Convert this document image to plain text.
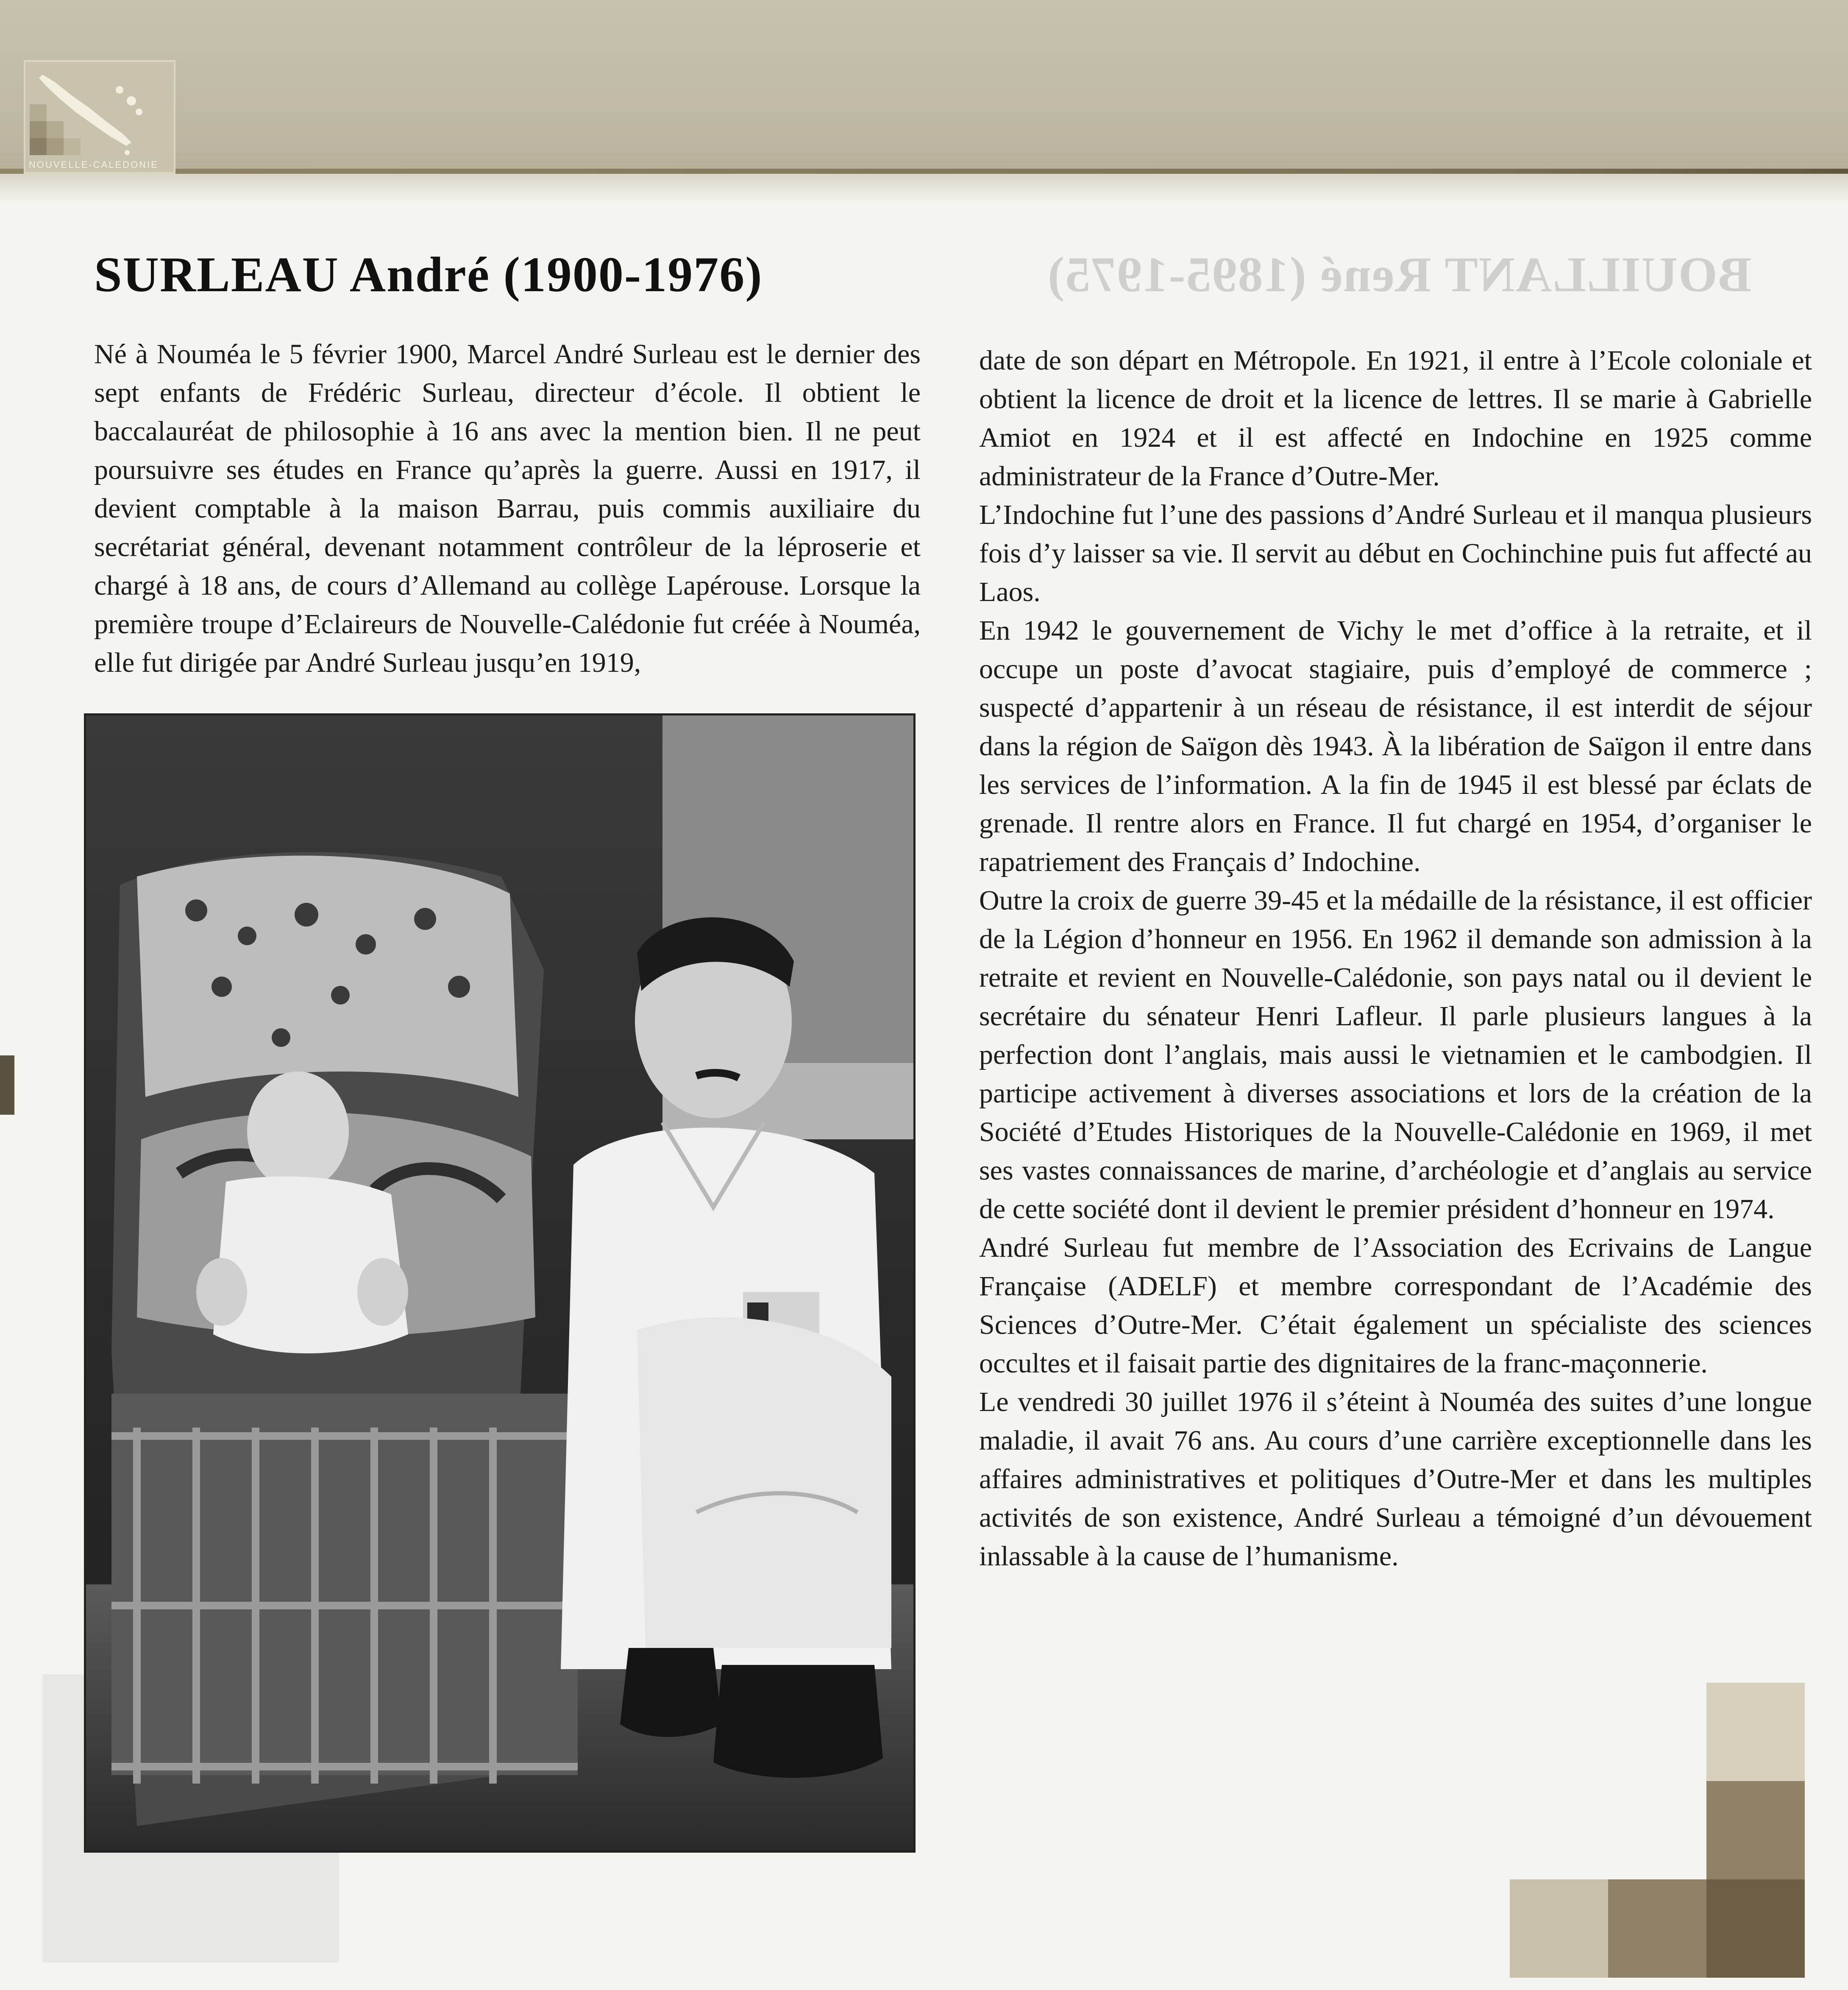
NOUVELLE-CALEDONIE
BOUILLANT René (1895-1975)
SURLEAU André (1900-1976)

Né à Nouméa le 5 février 1900, Marcel André Surleau est le dernier des sept enfants de Frédéric Surleau, directeur d’école. Il obtient le baccalauréat de philosophie à 16 ans avec la mention bien. Il ne peut poursuivre ses études en France qu’après la guerre. Aussi en 1917, il devient comptable à la maison Barrau, puis commis auxiliaire du secrétariat général, devenant notamment contrôleur de la léproserie et chargé à 18 ans, de cours d’Allemand au collège Lapérouse. Lorsque la première troupe d’Eclaireurs de Nouvelle-Calédonie fut créée à Nouméa, elle fut dirigée par André Surleau jusqu’en 1919,

date de son départ en Métropole. En 1921, il entre à l’Ecole coloniale et obtient la licence de droit et la licence de lettres. Il se marie à Gabrielle Amiot en 1924 et il est affecté en Indochine en 1925 comme administrateur de la France d’Outre-Mer.

L’Indochine fut l’une des passions d’André Surleau et il manqua plusieurs fois d’y laisser sa vie. Il servit au début en Cochinchine puis fut affecté au Laos.

En 1942 le gouvernement de Vichy le met d’office à la retraite, et il occupe un poste d’avocat stagiaire, puis d’employé de commerce ; suspecté d’appartenir à un réseau de résistance, il est interdit de séjour dans la région de Saïgon dès 1943. À la libération de Saïgon il entre dans les services de l’information. A la fin de 1945 il est blessé par éclats de grenade. Il rentre alors en France. Il fut chargé en 1954, d’organiser le rapatriement des Français d’ Indochine.

Outre la croix de guerre 39-45 et la médaille de la résistance, il est officier de la Légion d’honneur en 1956. En 1962 il demande son admission à la retraite et revient en Nouvelle-Calédonie, son pays natal ou il devient le secrétaire du sénateur Henri Lafleur. Il parle plusieurs langues à la perfection dont l’anglais, mais aussi le vietnamien et le cambodgien. Il participe activement à diverses associations et lors de la création de la Société d’Etudes Historiques de la Nouvelle-Calédonie en 1969, il met ses vastes connaissances de marine, d’archéologie et d’anglais au service de cette société dont il devient le premier président d’honneur en 1974.

André Surleau fut membre de l’Association des Ecrivains de Langue Française (ADELF) et membre correspondant de l’Académie des Sciences d’Outre-Mer. C’était également un spécialiste des sciences occultes et il faisait partie des dignitaires de la franc-maçonnerie.

Le vendredi 30 juillet 1976 il s’éteint à Nouméa des suites d’une longue maladie, il avait 76 ans. Au cours d’une carrière exceptionnelle dans les affaires administratives et politiques d’Outre-Mer et dans les multiples activités de son existence, André Surleau a témoigné d’un dévouement inlassable à la cause de l’humanisme.
